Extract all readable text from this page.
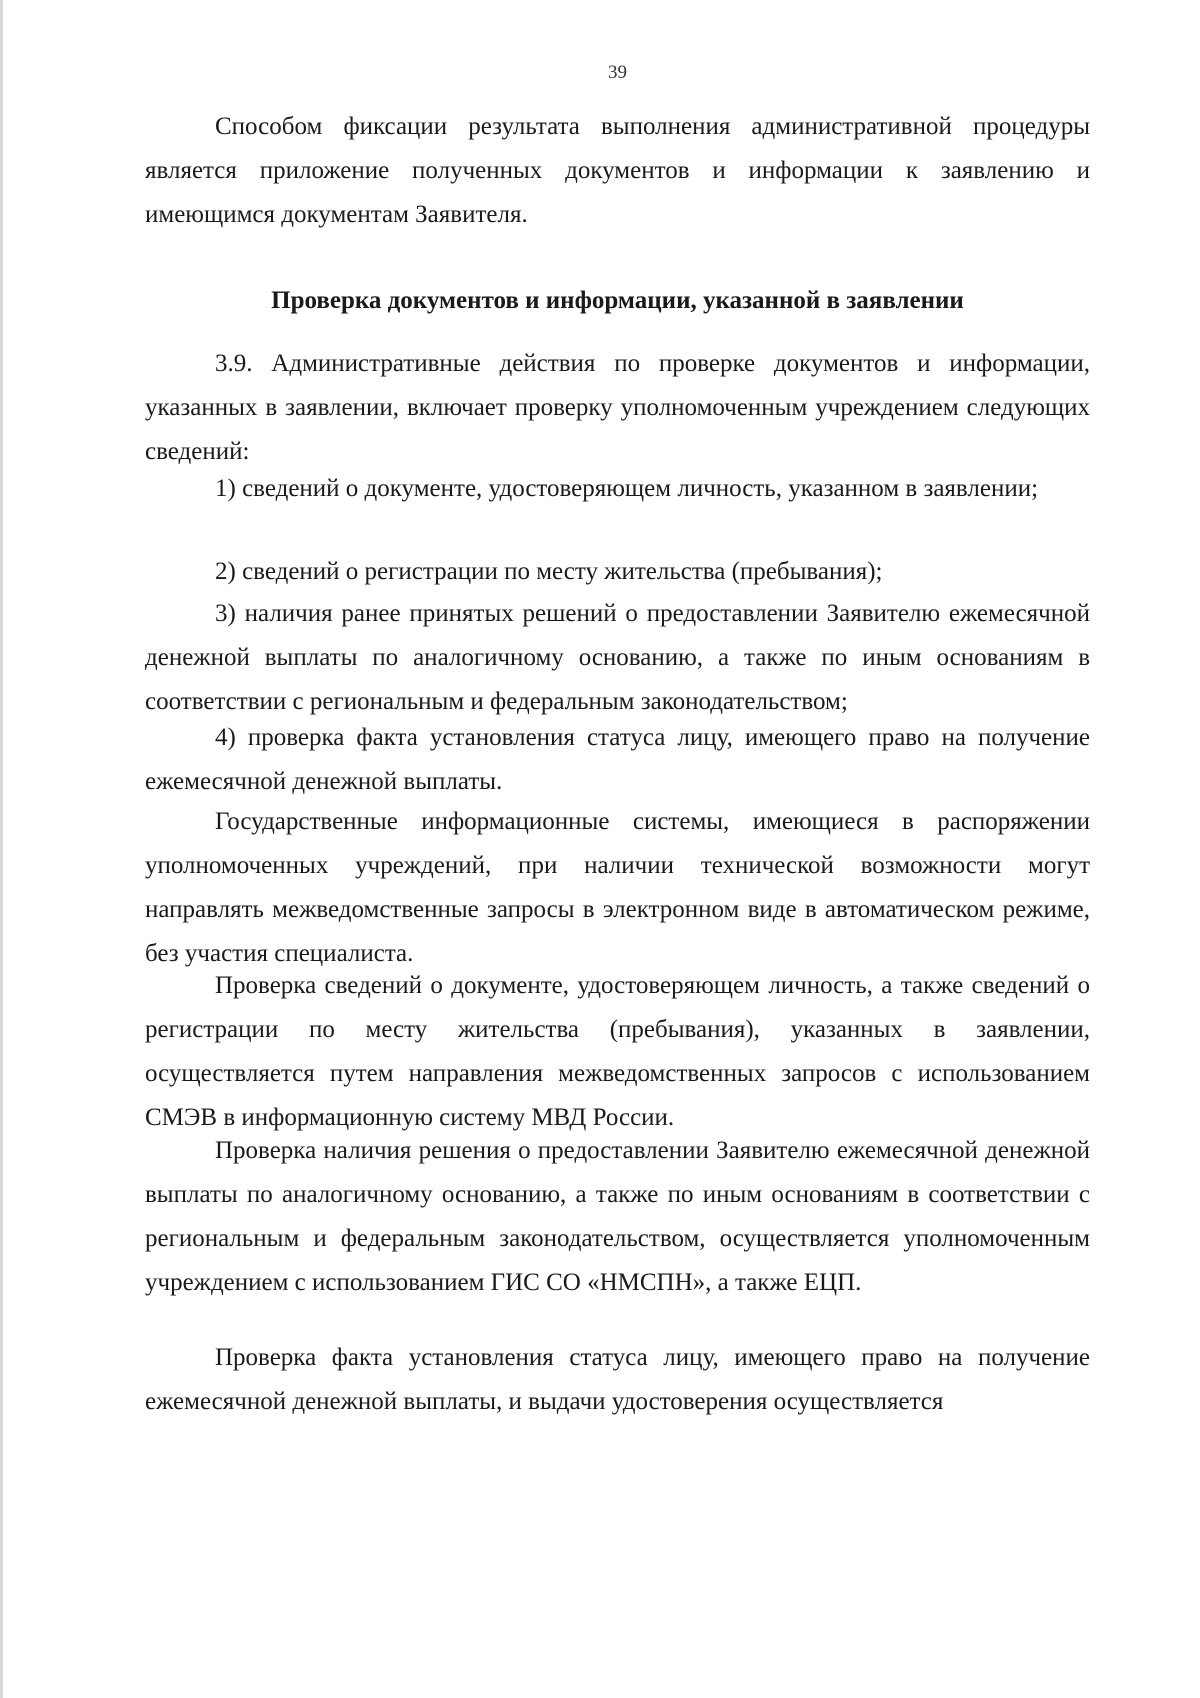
39

Способом фиксации результата выполнения административной процедуры является приложение полученных документов и информации к заявлению и имеющимся документам Заявителя.

Проверка документов и информации, указанной в заявлении

3.9. Административные действия по проверке документов и информации, указанных в заявлении, включает проверку уполномоченным учреждением следующих сведений:

1) сведений о документе, удостоверяющем личность, указанном в заявлении;

2) сведений о регистрации по месту жительства (пребывания);

3) наличия ранее принятых решений о предоставлении Заявителю ежемесячной денежной выплаты по аналогичному основанию, а также по иным основаниям в соответствии с региональным и федеральным законодательством;

4) проверка факта установления статуса лицу, имеющего право на получение ежемесячной денежной выплаты.

Государственные информационные системы, имеющиеся в распоряжении уполномоченных учреждений, при наличии технической возможности могут направлять межведомственные запросы в электронном виде в автоматическом режиме, без участия специалиста.

Проверка сведений о документе, удостоверяющем личность, а также сведений о регистрации по месту жительства (пребывания), указанных в заявлении, осуществляется путем направления межведомственных запросов с использованием СМЭВ в информационную систему МВД России.

Проверка наличия решения о предоставлении Заявителю ежемесячной денежной выплаты по аналогичному основанию, а также по иным основаниям в соответствии с региональным и федеральным законодательством, осуществляется уполномоченным учреждением с использованием ГИС СО «НМСПН», а также ЕЦП.

Проверка факта установления статуса лицу, имеющего право на получение ежемесячной денежной выплаты, и выдачи удостоверения осуществляется
